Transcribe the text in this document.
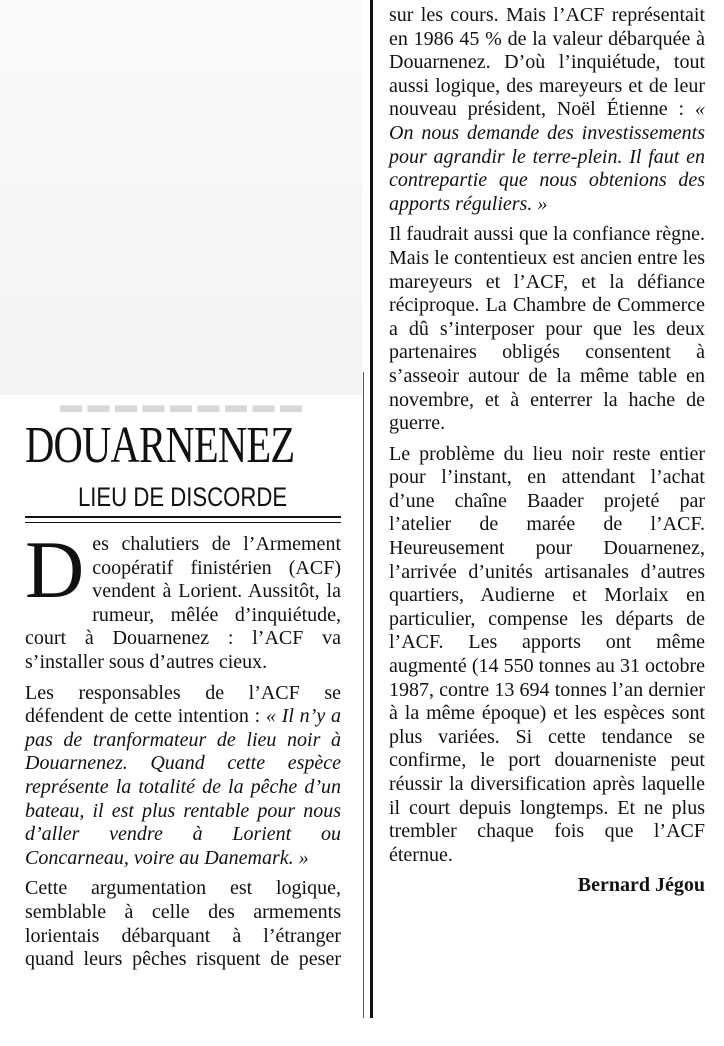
▬ ▬ ▬ ▬ ▬ ▬ ▬ ▬ ▬
DOUARNENEZ
LIEU DE DISCORDE

Des chalutiers de l’Armement coopératif finistérien (ACF) vendent à Lorient. Aussitôt, la rumeur, mêlée d’inquiétude, court à Douarnenez : l’ACF va s’installer sous d’autres cieux.

Les responsables de l’ACF se défendent de cette intention : « Il n’y a pas de tranformateur de lieu noir à Douarnenez. Quand cette espèce représente la totalité de la pêche d’un bateau, il est plus rentable pour nous d’aller vendre à Lorient ou Concarneau, voire au Danemark. »

Cette argumentation est logique, semblable à celle des armements lorientais débarquant à l’étranger quand leurs pêches risquent de peser

sur les cours. Mais l’ACF représentait en 1986 45 % de la valeur débarquée à Douarnenez. D’où l’inquiétude, tout aussi logique, des mareyeurs et de leur nouveau président, Noël Étienne : « On nous demande des investissements pour agrandir le terre-plein. Il faut en contrepartie que nous obtenions des apports réguliers. »

Il faudrait aussi que la confiance règne. Mais le contentieux est ancien entre les mareyeurs et l’ACF, et la défiance réciproque. La Chambre de Commerce a dû s’interposer pour que les deux partenaires obligés consentent à s’asseoir autour de la même table en novembre, et à enterrer la hache de guerre.

Le problème du lieu noir reste entier pour l’instant, en attendant l’achat d’une chaîne Baader projeté par l’atelier de marée de l’ACF. Heureusement pour Douarnenez, l’arrivée d’unités artisanales d’autres quartiers, Audierne et Morlaix en particulier, compense les départs de l’ACF. Les apports ont même augmenté (14 550 tonnes au 31 octobre 1987, contre 13 694 tonnes l’an dernier à la même époque) et les espèces sont plus variées. Si cette tendance se confirme, le port douarneniste peut réussir la diversification après laquelle il court depuis longtemps. Et ne plus trembler chaque fois que l’ACF éternue.

Bernard Jégou
